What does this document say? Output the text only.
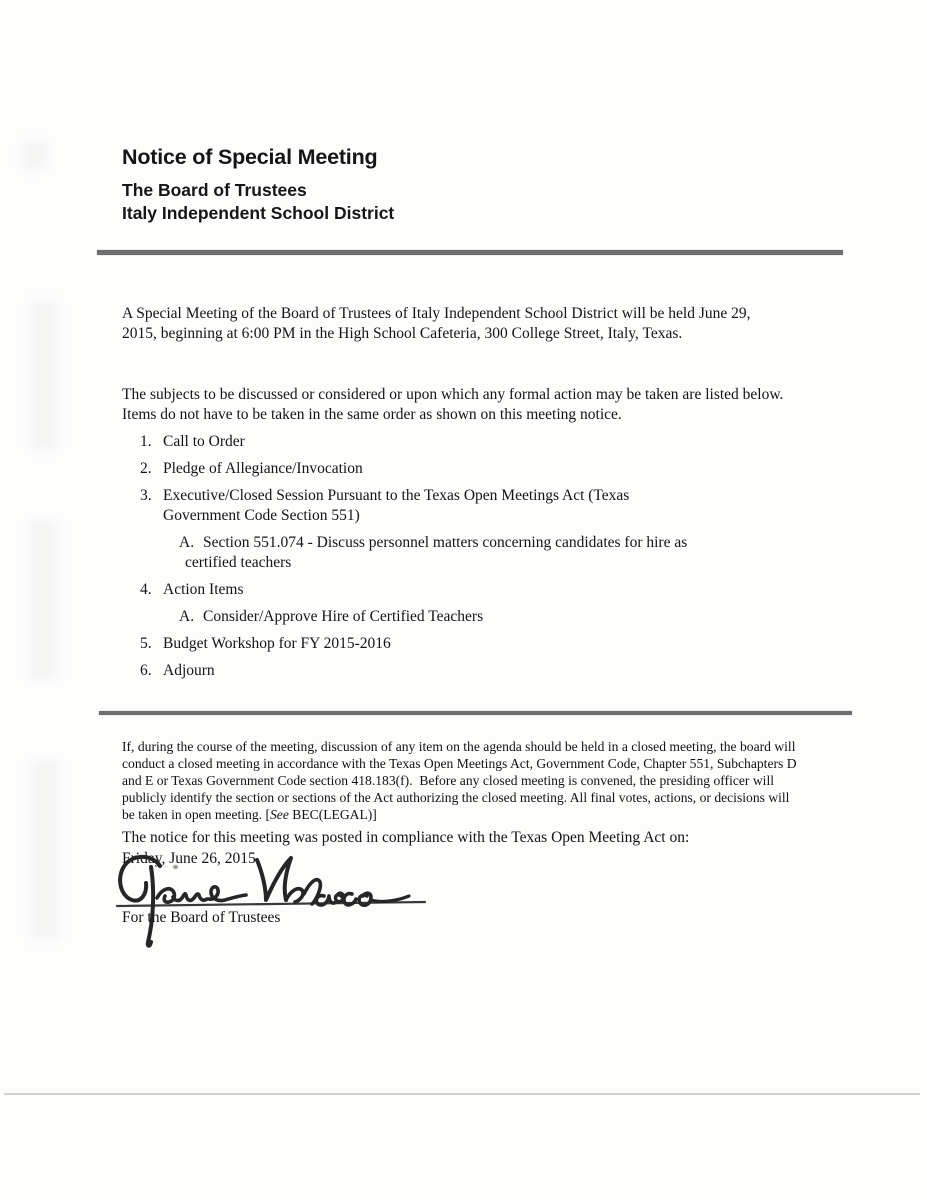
Notice of Special Meeting
The Board of Trustees
Italy Independent School District

A Special Meeting of the Board of Trustees of Italy Independent School District will be held June 29, 2015, beginning at 6:00 PM in the High School Cafeteria, 300 College Street, Italy, Texas.

The subjects to be discussed or considered or upon which any formal action may be taken are listed below. Items do not have to be taken in the same order as shown on this meeting notice.

1. Call to Order
2. Pledge of Allegiance/Invocation
3. Executive/Closed Session Pursuant to the Texas Open Meetings Act (Texas Government Code Section 551)
A. Section 551.074 - Discuss personnel matters concerning candidates for hire as certified teachers
4. Action Items
A. Consider/Approve Hire of Certified Teachers
5. Budget Workshop for FY 2015-2016
6. Adjourn

If, during the course of the meeting, discussion of any item on the agenda should be held in a closed meeting, the board will conduct a closed meeting in accordance with the Texas Open Meetings Act, Government Code, Chapter 551, Subchapters D and E or Texas Government Code section 418.183(f).  Before any closed meeting is convened, the presiding officer will publicly identify the section or sections of the Act authorizing the closed meeting. All final votes, actions, or decisions will be taken in open meeting. [See BEC(LEGAL)]

The notice for this meeting was posted in compliance with the Texas Open Meeting Act on:
Friday, June 26, 2015
For the Board of Trustees
